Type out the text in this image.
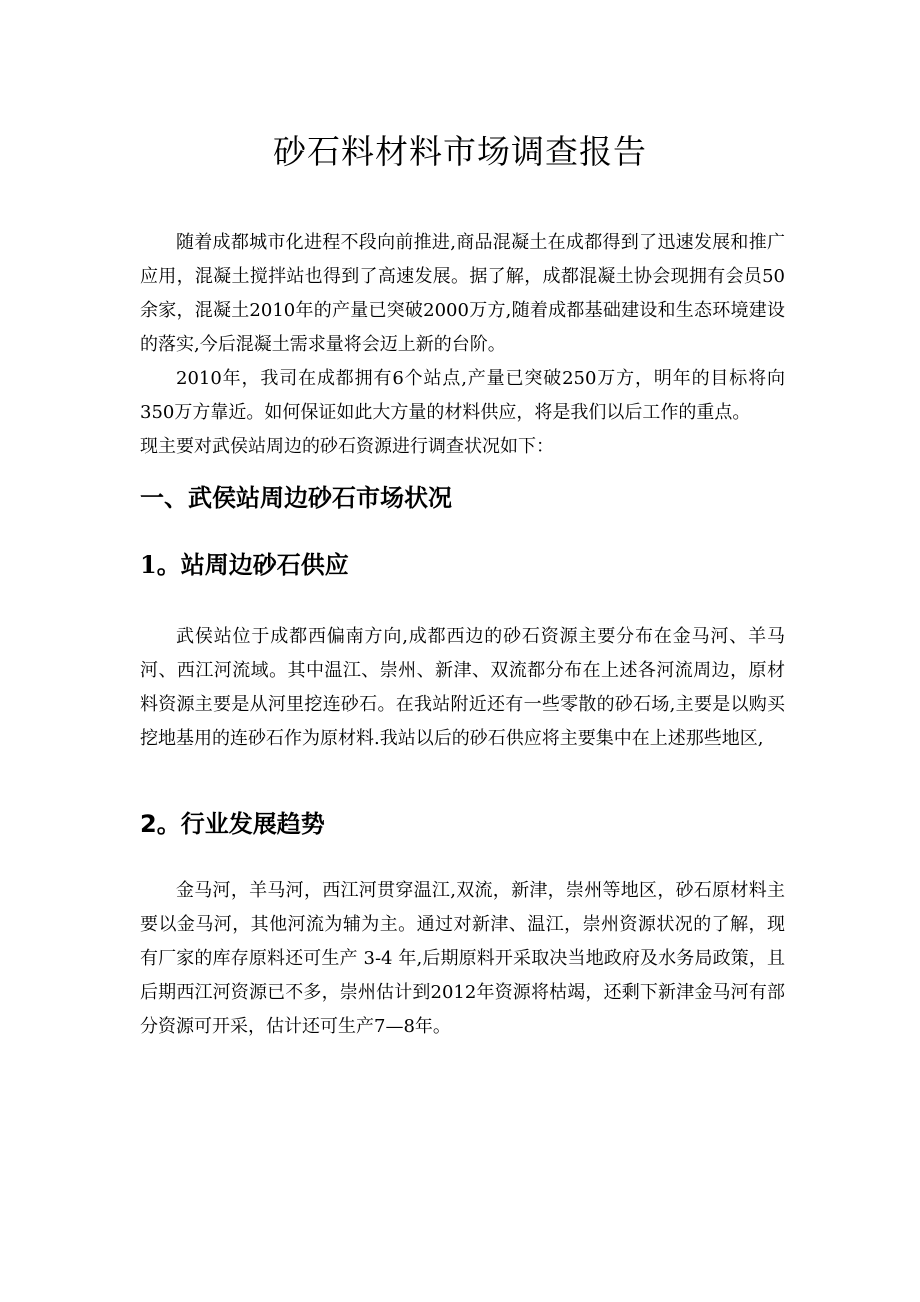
砂石料材料市场调查报告

随着成都城市化进程不段向前推进,商品混凝土在成都得到了迅速发展和推广应用，混凝土搅拌站也得到了高速发展。据了解，成都混凝土协会现拥有会员50余家，混凝土2010年的产量已突破2000万方,随着成都基础建设和生态环境建设的落实,今后混凝土需求量将会迈上新的台阶。

2010年，我司在成都拥有6个站点,产量已突破250万方，明年的目标将向350万方靠近。如何保证如此大方量的材料供应，将是我们以后工作的重点。

现主要对武侯站周边的砂石资源进行调查状况如下：

一、武侯站周边砂石市场状况
1。站周边砂石供应

武侯站位于成都西偏南方向,成都西边的砂石资源主要分布在金马河、羊马河、西江河流域。其中温江、崇州、新津、双流都分布在上述各河流周边，原材料资源主要是从河里挖连砂石。在我站附近还有一些零散的砂石场,主要是以购买挖地基用的连砂石作为原材料.我站以后的砂石供应将主要集中在上述那些地区,

2。行业发展趋势

金马河，羊马河，西江河贯穿温江,双流，新津，崇州等地区，砂石原材料主要以金马河，其他河流为辅为主。通过对新津、温江，崇州资源状况的了解，现有厂家的库存原料还可生产 3-4 年,后期原料开采取决当地政府及水务局政策，且后期西江河资源已不多，崇州估计到2012年资源将枯竭，还剩下新津金马河有部分资源可开采，估计还可生产7—8年。
